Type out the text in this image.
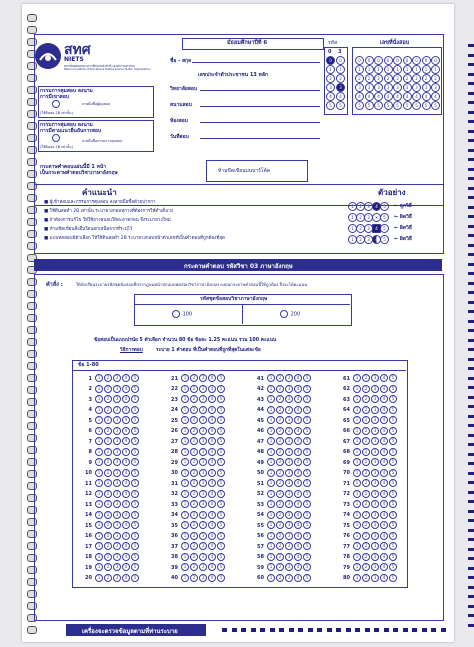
สทศ
NIETS
สถาบันทดสอบทางการศึกษาแห่งชาติ (องค์การมหาชน)
National Institute of Educational Testing Service (Public Organization)
มัธยมศึกษาปีที่ 6	รหัส	เลขที่นั่งสอบ
ชื่อ - สกุล
เลขประจำตัวประชาชน 13 หลัก
วิทยาลัยสอบ
สนามสอบ
ห้องสอบ
วันที่สอบ
กรรมการคุมสอบ ลงนาม
การมีเขาสอบ
ลายมือชื่อผู้คุมสอบ
(ใช้ดินสอ 2B เท่านั้น)
กรรมการคุมสอบ ลงนาม
การมีตามแนวยืนยันการสอบ
ลายมือชื่อกรรมการคุมสอบ
(ใช้ดินสอ 2B เท่านั้น)
กระดาษคำตอบแผ่นนี้มี 1 หน้า
เป็นกระดาษคำตอบวิชาภาษาอังกฤษ	ห้ามขีดเขียนบนบาร์โค้ด
คำแนะนำ	ตัวอย่าง
กระดาษคำตอบ รหัสวิชา 03 ภาษาอังกฤษ
คำสั่ง :	ให้นักเรียนระบายรหัสชุดข้อสอบที่ปรากฏบนหน้าปกแบบทดสอบวิชาภาษาอังกฤษ ลงบนกระดาษคำตอบนี้ให้ถูกต้อง จึงจะได้คะแนน
รหัสชุดข้อสอบวิชาภาษาอังกฤษ
100	200
ข้อสอบเป็นแบบปรนัย 5 ตัวเลือก จำนวน 80 ข้อ ข้อละ 1.25 คะแนน รวม 100 คะแนน
วิธีการตอบ	ระบาย 1 คำตอบ ที่เป็นคำตอบที่ถูกที่สุดในแต่ละข้อ
ข้อ 1-80
1 1 2 3 4 5
2 1 2 3 4 5
3 1 2 3 4 5
4 1 2 3 4 5
5 1 2 3 4 5
6 1 2 3 4 5
7 1 2 3 4 5
8 1 2 3 4 5
9 1 2 3 4 5
10 1 2 3 4 5
11 1 2 3 4 5
12 1 2 3 4 5
13 1 2 3 4 5
14 1 2 3 4 5
15 1 2 3 4 5
16 1 2 3 4 5
17 1 2 3 4 5
18 1 2 3 4 5
19 1 2 3 4 5
20 1 2 3 4 5
21 1 2 3 4 5
22 1 2 3 4 5
23 1 2 3 4 5
24 1 2 3 4 5
25 1 2 3 4 5
26 1 2 3 4 5
27 1 2 3 4 5
28 1 2 3 4 5
29 1 2 3 4 5
30 1 2 3 4 5
31 1 2 3 4 5
32 1 2 3 4 5
33 1 2 3 4 5
34 1 2 3 4 5
35 1 2 3 4 5
36 1 2 3 4 5
37 1 2 3 4 5
38 1 2 3 4 5
39 1 2 3 4 5
40 1 2 3 4 5
41 1 2 3 4 5
42 1 2 3 4 5
43 1 2 3 4 5
44 1 2 3 4 5
45 1 2 3 4 5
46 1 2 3 4 5
47 1 2 3 4 5
48 1 2 3 4 5
49 1 2 3 4 5
50 1 2 3 4 5
51 1 2 3 4 5
52 1 2 3 4 5
53 1 2 3 4 5
54 1 2 3 4 5
55 1 2 3 4 5
56 1 2 3 4 5
57 1 2 3 4 5
58 1 2 3 4 5
59 1 2 3 4 5
60 1 2 3 4 5
61 1 2 3 4 5
62 1 2 3 4 5
63 1 2 3 4 5
64 1 2 3 4 5
65 1 2 3 4 5
66 1 2 3 4 5
67 1 2 3 4 5
68 1 2 3 4 5
69 1 2 3 4 5
70 1 2 3 4 5
71 1 2 3 4 5
72 1 2 3 4 5
73 1 2 3 4 5
74 1 2 3 4 5
75 1 2 3 4 5
76 1 2 3 4 5
77 1 2 3 4 5
78 1 2 3 4 5
79 1 2 3 4 5
80 1 2 3 4 5
เครื่องจะตรวจข้อมูลตามที่ท่านระบาย
0
0
1
2
3
4
5
3
0
1
2
3
4
5
0
1
2
3
4
5
0
1
2
3
4
5
0
1
2
3
4
5
0
1
2
3
4
5
0
1
2
3
4
5
0
1
2
3
4
5
0
1
2
3
4
5
0
1
2
3
4
5
0
1
2
3
4
5
■ ผู้เข้าสอบและกรรมการคุมสอบ ลงลายมือชื่อด้วยปากกา
■ ใช้ดินสอดำ 2B เท่านั้น ระบายวงกลมทุกวงที่ต้องการให้ดำเต็มวง
■ ถ้าต้องการแก้ไข ให้ใช้ยางลบลบให้สะอาดก่อน จึงระบายวงใหม่
■ ห้ามขีดเขียนสิ่งอื่นใดนอกเหนือจากที่ระบุไว้
■ แบบทดสอบมีตัวเลือก ให้ใช้ดินสอดำ 2B ระบายวงกลมหน้าตัวเลขที่เป็นคำตอบที่ถูกต้องที่สุด
1	2	3	4	5	← ถูกวิธี
1	2	3	✕	5	← ผิดวิธี
1	2	3	4	5	← ผิดวิธี
1	2	3	4	5	← ผิดวิธี
